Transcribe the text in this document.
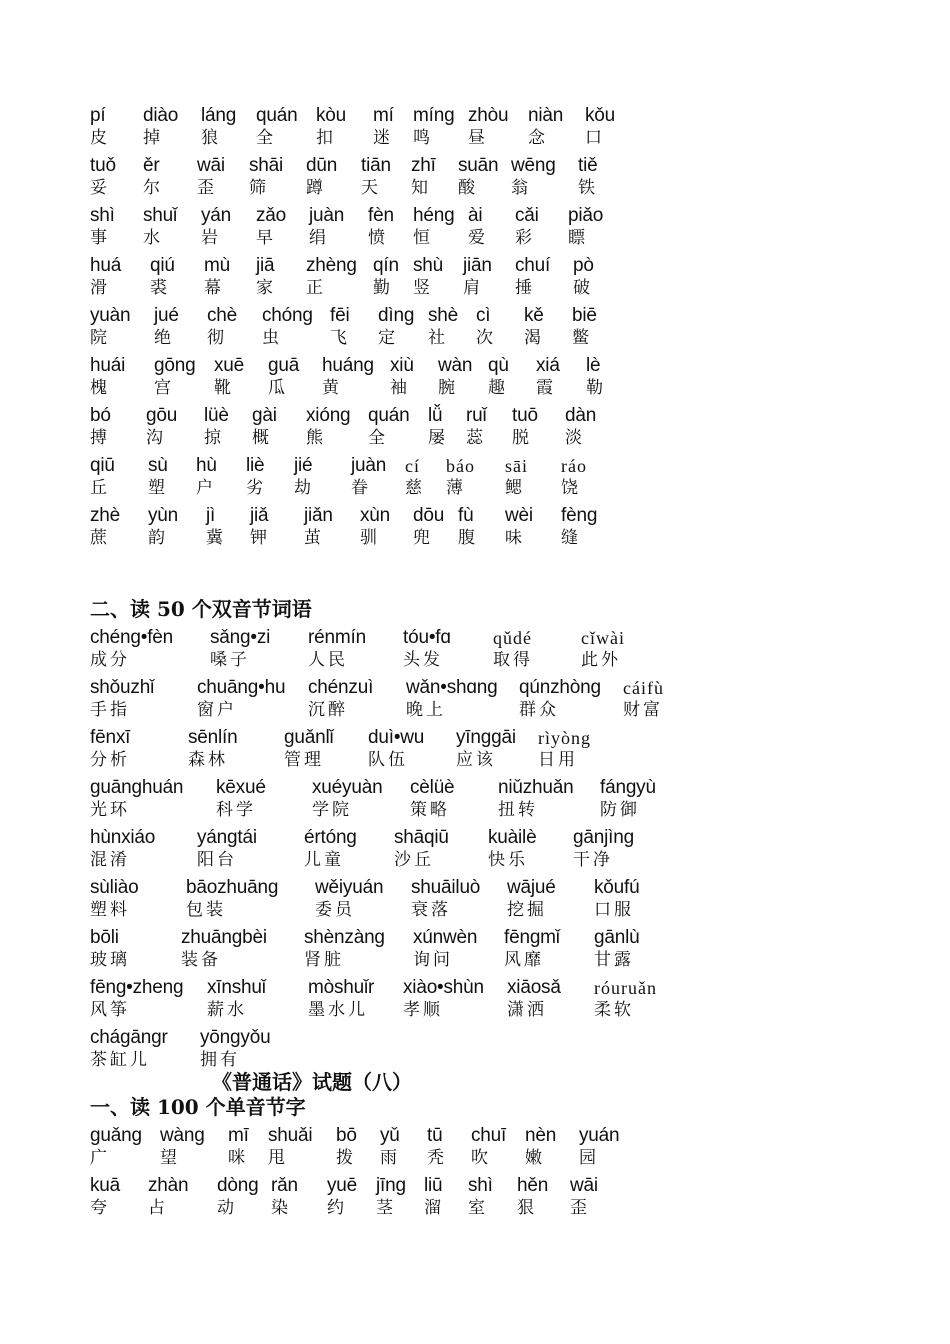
pí
皮
diào
掉
láng
狼
quán
全
kòu
扣
mí
迷
míng
鸣
zhòu
昼
niàn
念
kǒu
口
tuǒ
妥
ěr
尔
wāi
歪
shāi
筛
dūn
蹲
tiān
天
zhī
知
suān
酸
wēng
翁
tiě
铁
shì
事
shuǐ
水
yán
岩
zǎo
早
juàn
绢
fèn
愤
héng
恒
ài
爱
cǎi
彩
piǎo
瞟
huá
滑
qiú
裘
mù
幕
jiā
家
zhèng
正
qín
勤
shù
竖
jiān
肩
chuí
捶
pò
破
yuàn
院
jué
绝
chè
彻
chóng
虫
fēi
飞
dìng
定
shè
社
cì
次
kě
渴
biē
鳖
huái
槐
gōng
宫
xuē
靴
guā
瓜
huáng
黄
xiù
袖
wàn
腕
qù
趣
xiá
霞
lè
勒
bó
搏
gōu
沟
lüè
掠
gài
概
xióng
熊
quán
全
lǚ
屡
ruǐ
蕊
tuō
脱
dàn
淡
qiū
丘
sù
塑
hù
户
liè
劣
jié
劫
juàn
眷
cí
慈
báo
薄
sāi
鳃
ráo
饶
zhè
蔗
yùn
韵
jì
冀
jiǎ
钾
jiǎn
茧
xùn
驯
dōu
兜
fù
腹
wèi
味
fèng
缝
二、读 50 个双音节词语
chéng•fèn
成分
sǎng•zi
嗓子
rénmín
人民
tóu•fɑ
头发
qǔdé
取得
cǐwài
此外
shǒuzhǐ
手指
chuāng•hu
窗户
chénzuì
沉醉
wǎn•shɑng
晚上
qúnzhòng
群众
cáifù
财富
fēnxī
分析
sēnlín
森林
guǎnlǐ
管理
duì•wu
队伍
yīnggāi
应该
rìyòng
日用
guānghuán
光环
kēxué
科学
xuéyuàn
学院
cèlüè
策略
niǔzhuǎn
扭转
fángyù
防御
hùnxiáo
混淆
yángtái
阳台
értóng
儿童
shāqiū
沙丘
kuàilè
快乐
gānjìng
干净
sùliào
塑料
bāozhuāng
包装
wěiyuán
委员
shuāiluò
衰落
wājué
挖掘
kǒufú
口服
bōli
玻璃
zhuāngbèi
装备
shènzàng
肾脏
xúnwèn
询问
fēngmǐ
风靡
gānlù
甘露
fēng•zheng
风筝
xīnshuǐ
薪水
mòshuǐr
墨水儿
xiào•shùn
孝顺
xiāosǎ
潇洒
róuruǎn
柔软
chágāngr
茶缸儿
yōngyǒu
拥有
《普通话》试题（八）
一、读 100 个单音节字
guǎng
广
wàng
望
mī
咪
shuǎi
甩
bō
拨
yǔ
雨
tū
秃
chuī
吹
nèn
嫩
yuán
园
kuā
夸
zhàn
占
dòng
动
rǎn
染
yuē
约
jīng
茎
liū
溜
shì
室
hěn
狠
wāi
歪
